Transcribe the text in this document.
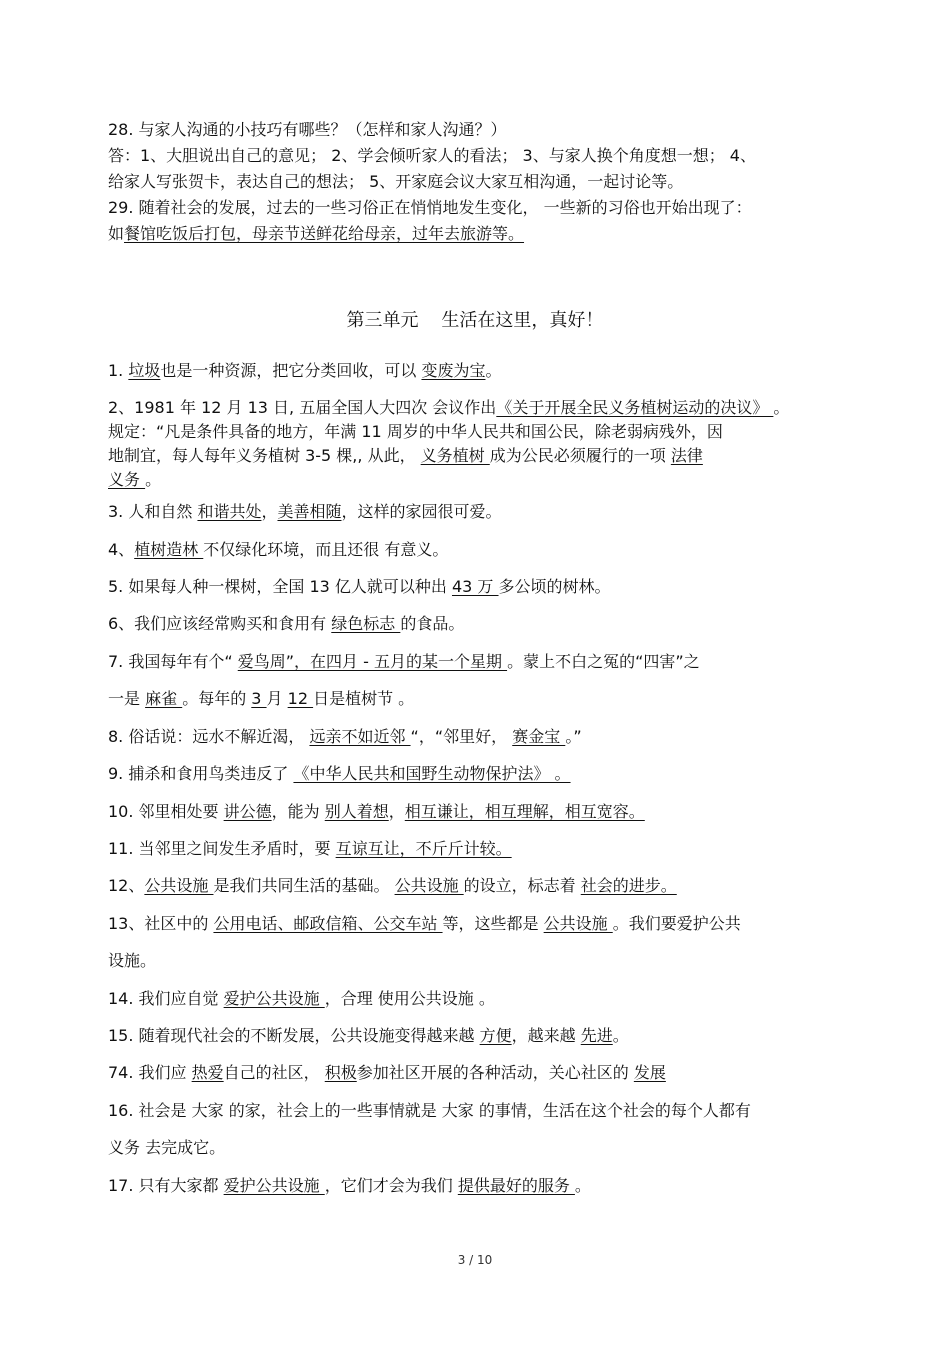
28. 与家人沟通的小技巧有哪些？（怎样和家人沟通？）
答：1、大胆说出自己的意见； 2、学会倾听家人的看法； 3、与家人换个角度想一想； 4、
给家人写张贺卡，表达自己的想法； 5、开家庭会议大家互相沟通，一起讨论等。
29. 随着社会的发展，过去的一些习俗正在悄悄地发生变化， 一些新的习俗也开始出现了：
如餐馆吃饭后打包，母亲节送鲜花给母亲，过年去旅游等。
第三单元    生活在这里，真好！
1. 垃圾也是一种资源，把它分类回收，可以 变废为宝。
2、1981 年 12 月 13 日, 五届全国人大四次 会议作出《关于开展全民义务植树运动的决议》 。
规定：“凡是条件具备的地方，年满 11 周岁的中华人民共和国公民，除老弱病残外，因
地制宜，每人每年义务植树 3-5 棵,, 从此， 义务植树 成为公民必须履行的一项 法律
义务 。
3. 人和自然 和谐共处，美善相随，这样的家园很可爱。
4、植树造林 不仅绿化环境，而且还很 有意义。
5. 如果每人种一棵树，全国 13 亿人就可以种出 43 万 多公顷的树林。
6、我们应该经常购买和食用有 绿色标志 的食品。
7. 我国每年有个“ 爱鸟周”，在四月 - 五月的某一个星期 。蒙上不白之冤的“四害”之
一是 麻雀 。每年的 3 月 12 日是植树节 。
8. 俗话说：远水不解近渴， 远亲不如近邻 “，“邻里好， 赛金宝 。”
9. 捕杀和食用鸟类违反了 《中华人民共和国野生动物保护法》 。
10. 邻里相处要 讲公德，能为 别人着想，相互谦让，相互理解，相互宽容。
11. 当邻里之间发生矛盾时，要 互谅互让，不斤斤计较。
12、公共设施 是我们共同生活的基础。 公共设施 的设立，标志着 社会的进步。
13、社区中的 公用电话、邮政信箱、公交车站 等，这些都是 公共设施 。我们要爱护公共
设施。
14. 我们应自觉 爱护公共设施 ，合理 使用公共设施 。
15. 随着现代社会的不断发展，公共设施变得越来越 方便，越来越 先进。
74. 我们应 热爱自己的社区， 积极参加社区开展的各种活动，关心社区的 发展
16. 社会是 大家 的家，社会上的一些事情就是 大家 的事情，生活在这个社会的每个人都有
义务 去完成它。
17. 只有大家都 爱护公共设施 ，它们才会为我们 提供最好的服务 。
3 / 10
